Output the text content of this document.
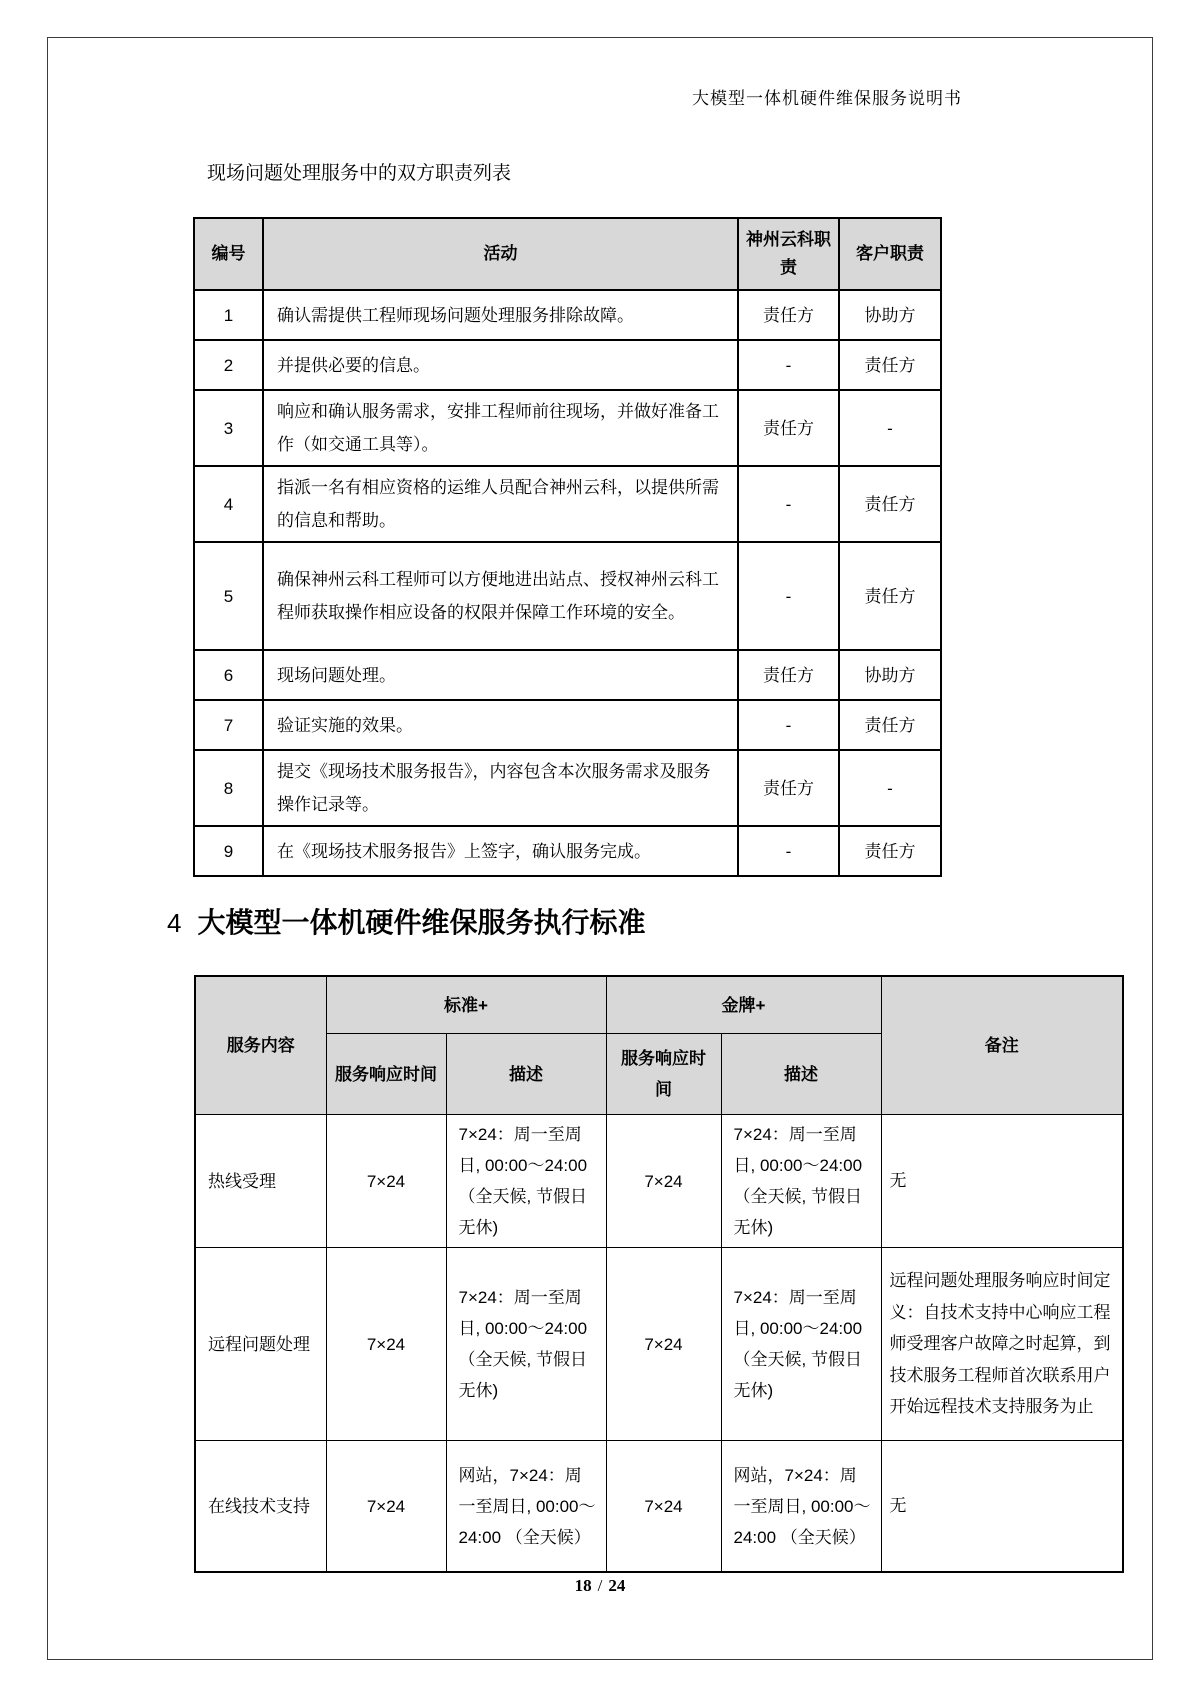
大模型一体机硬件维保服务说明书
现场问题处理服务中的双方职责列表
编号	活动	神州云科职责	客户职责
1	确认需提供工程师现场问题处理服务排除故障。	责任方	协助方
2	并提供必要的信息。	-	责任方
3	响应和确认服务需求，安排工程师前往现场，并做好准备工作（如交通工具等）。	责任方	-
4	指派一名有相应资格的运维人员配合神州云科，以提供所需的信息和帮助。	-	责任方
5	确保神州云科工程师可以方便地进出站点、授权神州云科工程师获取操作相应设备的权限并保障工作环境的安全。	-	责任方
6	现场问题处理。	责任方	协助方
7	验证实施的效果。	-	责任方
8	提交《现场技术服务报告》，内容包含本次服务需求及服务操作记录等。	责任方	-
9	在《现场技术服务报告》上签字，确认服务完成。	-	责任方
4 大模型一体机硬件维保服务执行标准
服务内容	标准+		金牌+		备注
	服务响应时间	描述	服务响应时间	描述	
热线受理	7×24	7×24：周一至周日, 00:00～24:00（全天候, 节假日无休)	7×24	7×24：周一至周日, 00:00～24:00（全天候, 节假日无休)	无
远程问题处理	7×24	7×24：周一至周日, 00:00～24:00（全天候, 节假日无休)	7×24	7×24：周一至周日, 00:00～24:00（全天候, 节假日无休)	远程问题处理服务响应时间定义：自技术支持中心响应工程师受理客户故障之时起算，到技术服务工程师首次联系用户开始远程技术支持服务为止
在线技术支持	7×24	网站，7×24：周一至周日, 00:00～24:00 （全天候）	7×24	网站，7×24：周一至周日, 00:00～24:00 （全天候）	无
18 / 24
